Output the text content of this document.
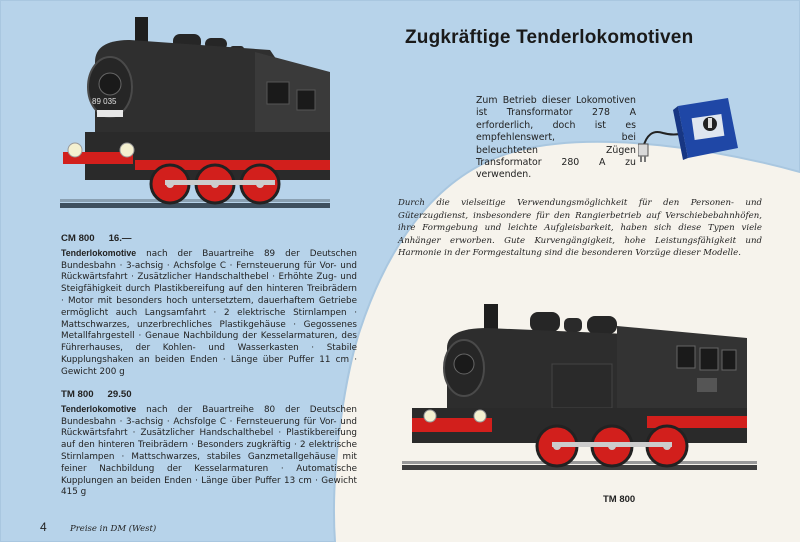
89 035
Zugkräftige Tenderlokomotiven
Zum Betrieb dieser Lokomotiven ist Transformator 278 A erforderlich, doch ist es empfehlenswert, bei beleuchteten Zügen Transformator 280 A zu verwenden.
Durch die vielseitige Verwendungsmöglichkeit für den Personen- und Güterzugdienst, insbesondere für den Rangierbetrieb auf Verschiebebahnhöfen, ihre Formgebung und leichte Aufgleisbarkeit, haben sich diese Typen viele Anhänger erworben. Gute Kurvengängigkeit, hohe Leistungsfähigkeit und Harmonie in der Formgestaltung sind die besonderen Vorzüge dieser Modelle.
CM 800 16.—
Tenderlokomotive nach der Bauartreihe 89 der Deutschen Bundesbahn · 3-achsig · Achsfolge C · Fernsteuerung für Vor- und Rückwärtsfahrt · Zusätzlicher Handschalthebel · Erhöhte Zug- und Steigfähigkeit durch Plastikbereifung auf den hinteren Treibrädern · Motor mit besonders hoch untersetztem, dauerhaftem Getriebe ermöglicht auch Langsamfahrt · 2 elektrische Stirnlampen · Mattschwarzes, unzerbrechliches Plastikgehäuse · Gegossenes Metallfahrgestell · Genaue Nachbildung der Kesselarmaturen, des Führerhauses, der Kohlen- und Wasserkasten · Stabile Kupplungshaken an beiden Enden · Länge über Puffer 11 cm · Gewicht 200 g
TM 800 29.50
Tenderlokomotive nach der Bauartreihe 80 der Deutschen Bundesbahn · 3-achsig · Achsfolge C · Fernsteuerung für Vor- und Rückwärtsfahrt · Zusätzlicher Handschalthebel · Plastikbereifung auf den hinteren Treibrädern · Besonders zugkräftig · 2 elektrische Stirnlampen · Mattschwarzes, stabiles Ganzmetallgehäuse mit feiner Nachbildung der Kesselarmaturen · Automatische Kupplungen an beiden Enden · Länge über Puffer 13 cm · Gewicht 415 g
TM 800
4	Preise in DM (West)
